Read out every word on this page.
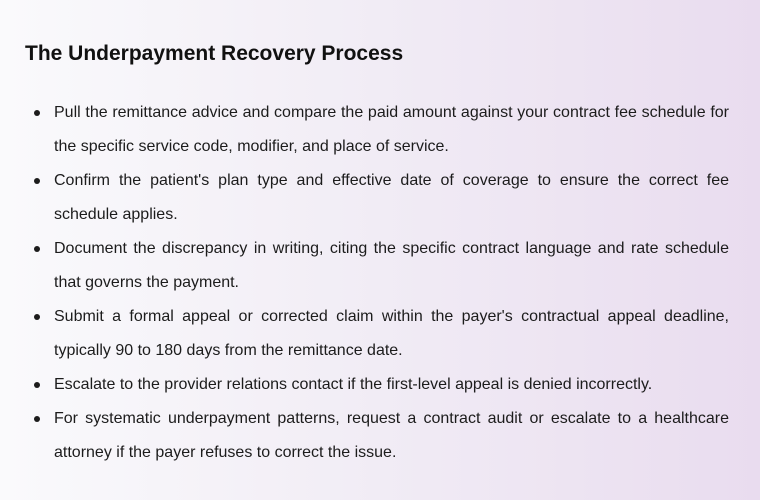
The Underpayment Recovery Process
Pull the remittance advice and compare the paid amount against your contract fee schedule for the specific service code, modifier, and place of service.
Confirm the patient's plan type and effective date of coverage to ensure the correct fee schedule applies.
Document the discrepancy in writing, citing the specific contract language and rate schedule that governs the payment.
Submit a formal appeal or corrected claim within the payer's contractual appeal deadline, typically 90 to 180 days from the remittance date.
Escalate to the provider relations contact if the first-level appeal is denied incorrectly.
For systematic underpayment patterns, request a contract audit or escalate to a healthcare attorney if the payer refuses to correct the issue.
